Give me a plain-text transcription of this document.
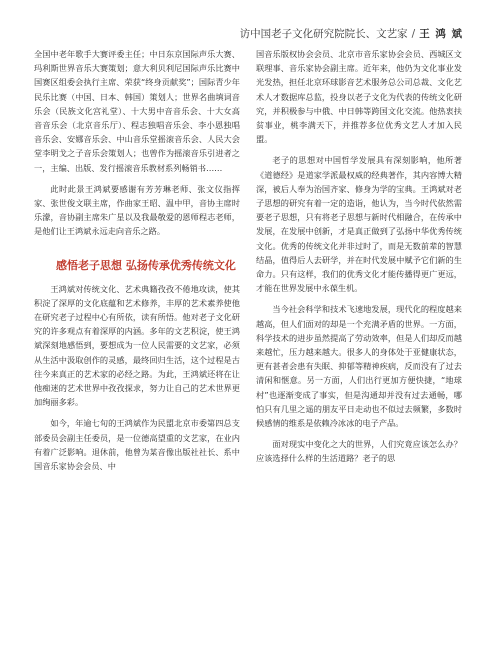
访中国老子文化研究院院长、文艺家 / 王 鸿 斌

全国中老年歌手大赛评委主任；中日东京国际声乐大赛、玛利斯世界音乐大赛策划；意大利贝利尼国际声乐比赛中国赛区组委会执行主席、荣获“终身贡献奖”；国际青少年民乐比赛（中国、日本、韩国）策划人；世界名曲填词音乐会（民族文化宫礼堂）、十大男中音音乐会、十大女高音音乐会（北京音乐厅）、程志独唱音乐会、李小恩独唱音乐会、安娜音乐会、中山音乐堂摇滚音乐会、人民大会堂李明戈之子音乐会策划人；也曾作为摇滚音乐引进者之一，主编、出版、发行摇滚音乐教材系列畅销书……

此时此景王鸿斌要感谢有芳芳琳老师、张文仪指挥家、张世俊文联主席，作曲家王昭、温中甲，音协主席时乐濛，音协副主席朱广星以及我最敬爱的恩师程志老师，是他们让王鸿斌永远走向音乐之路。

感悟老子思想 弘扬传承优秀传统文化

王鸿斌对传统文化、艺术典籍孜孜不倦地攻读，使其积淀了深厚的文化底蕴和艺术修养，丰厚的艺术素养使他在研究老子过程中心有所依，读有所悟。他对老子文化研究的许多观点有着深厚的内涵。多年的文艺积淀，使王鸿斌深刻地感悟到，要想成为一位人民需要的文艺家，必须从生活中汲取创作的灵感，最终回归生活，这个过程是古往今来真正的艺术家的必经之路。为此，王鸿斌还将在让他痴迷的艺术世界中孜孜探求，努力让自己的艺术世界更加绚丽多彩。

如今，年逾七旬的王鸿斌作为民盟北京市委第四总支部委员会副主任委员，是一位德高望重的文艺家，在业内有着广泛影响。退休前，他曾为某音像出版社社长、系中国音乐家协会会员、中

国音乐版权协会会员、北京市音乐家协会会员、西城区文联理事、音乐家协会副主席。近年来，他仍为文化事业发光发热，担任北京环球影音艺术服务总公司总裁、文化艺术人才数据库总监，投身以老子文化为代表的传统文化研究，并积极参与中俄、中日韩等跨国文化交流。他热衷扶贫事业，桃李满天下，并推荐多位优秀文艺人才加入民盟。

老子的思想对中国哲学发展具有深刻影响，他所著《道德经》是道家学派最权威的经典著作，其内容博大精深，被后人奉为治国齐家、修身为学的宝典。王鸿斌对老子思想的研究有着一定的造诣，他认为，当今时代依然需要老子思想，只有将老子思想与新时代相融合，在传承中发展，在发展中创新，才是真正做到了弘扬中华优秀传统文化。优秀的传统文化并非过时了，而是无数前辈的智慧结晶，值得后人去研学，并在时代发展中赋予它们新的生命力。只有这样，我们的优秀文化才能传播得更广更远，才能在世界发展中永葆生机。

当今社会科学和技术飞速地发展，现代化的程度越来越高，但人们面对的却是一个充满矛盾的世界。一方面，科学技术的进步虽然提高了劳动效率，但是人们却反而越来越忙，压力越来越大。很多人的身体处于亚健康状态，更有甚者会患有失眠、抑郁等精神疾病，反而没有了过去清闲和惬意。另一方面，人们出行更加方便快捷，“地球村”也逐渐变成了事实，但是沟通却并没有过去通畅，哪怕只有几里之遥的朋友平日走动也不似过去频繁，多数时候感情的维系是依赖冷冰冰的电子产品。

面对现实中变化之大的世界，人们究竟应该怎么办？应该选择什么样的生活道路？老子的思
